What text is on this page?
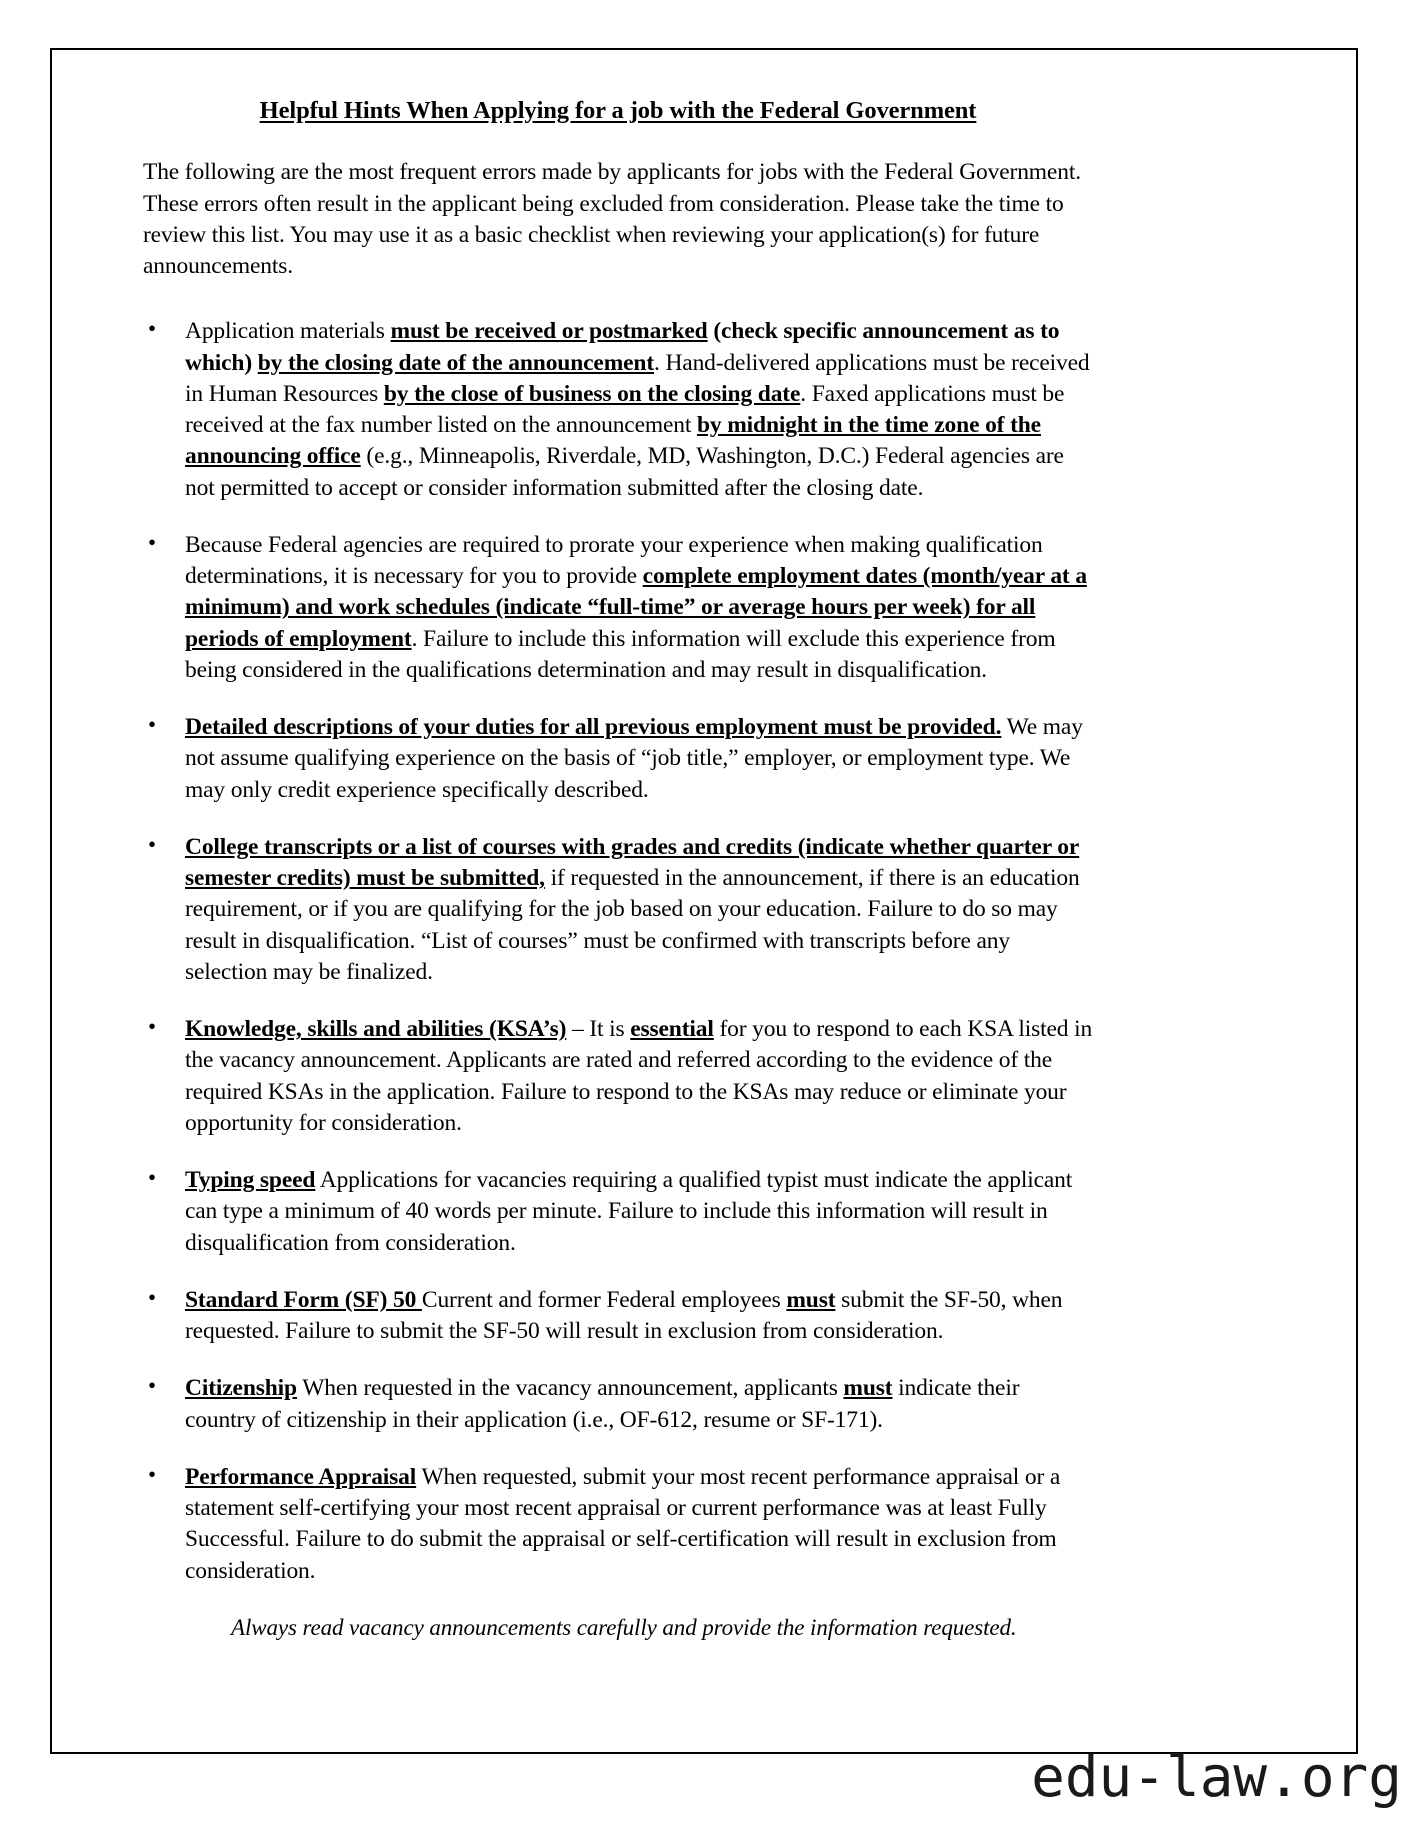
Helpful Hints When Applying for a job with the Federal Government

The following are the most frequent errors made by applicants for jobs with the Federal Government. These errors often result in the applicant being excluded from consideration. Please take the time to review this list. You may use it as a basic checklist when reviewing your application(s) for future announcements.

• Application materials must be received or postmarked (check specific announcement as to which) by the closing date of the announcement. Hand-delivered applications must be received in Human Resources by the close of business on the closing date. Faxed applications must be received at the fax number listed on the announcement by midnight in the time zone of the announcing office (e.g., Minneapolis, Riverdale, MD, Washington, D.C.) Federal agencies are not permitted to accept or consider information submitted after the closing date.
• Because Federal agencies are required to prorate your experience when making qualification determinations, it is necessary for you to provide complete employment dates (month/year at a minimum) and work schedules (indicate “full-time” or average hours per week) for all periods of employment. Failure to include this information will exclude this experience from being considered in the qualifications determination and may result in disqualification.
• Detailed descriptions of your duties for all previous employment must be provided. We may not assume qualifying experience on the basis of “job title,” employer, or employment type. We may only credit experience specifically described.
• College transcripts or a list of courses with grades and credits (indicate whether quarter or semester credits) must be submitted, if requested in the announcement, if there is an education requirement, or if you are qualifying for the job based on your education. Failure to do so may result in disqualification. “List of courses” must be confirmed with transcripts before any selection may be finalized.
• Knowledge, skills and abilities (KSA’s) – It is essential for you to respond to each KSA listed in the vacancy announcement. Applicants are rated and referred according to the evidence of the required KSAs in the application. Failure to respond to the KSAs may reduce or eliminate your opportunity for consideration.
• Typing speed Applications for vacancies requiring a qualified typist must indicate the applicant can type a minimum of 40 words per minute. Failure to include this information will result in disqualification from consideration.
• Standard Form (SF) 50 Current and former Federal employees must submit the SF-50, when requested. Failure to submit the SF-50 will result in exclusion from consideration.
• Citizenship When requested in the vacancy announcement, applicants must indicate their country of citizenship in their application (i.e., OF-612, resume or SF-171).
• Performance Appraisal When requested, submit your most recent performance appraisal or a statement self-certifying your most recent appraisal or current performance was at least Fully Successful. Failure to do submit the appraisal or self-certification will result in exclusion from consideration.

Always read vacancy announcements carefully and provide the information requested.

edu-law.org
